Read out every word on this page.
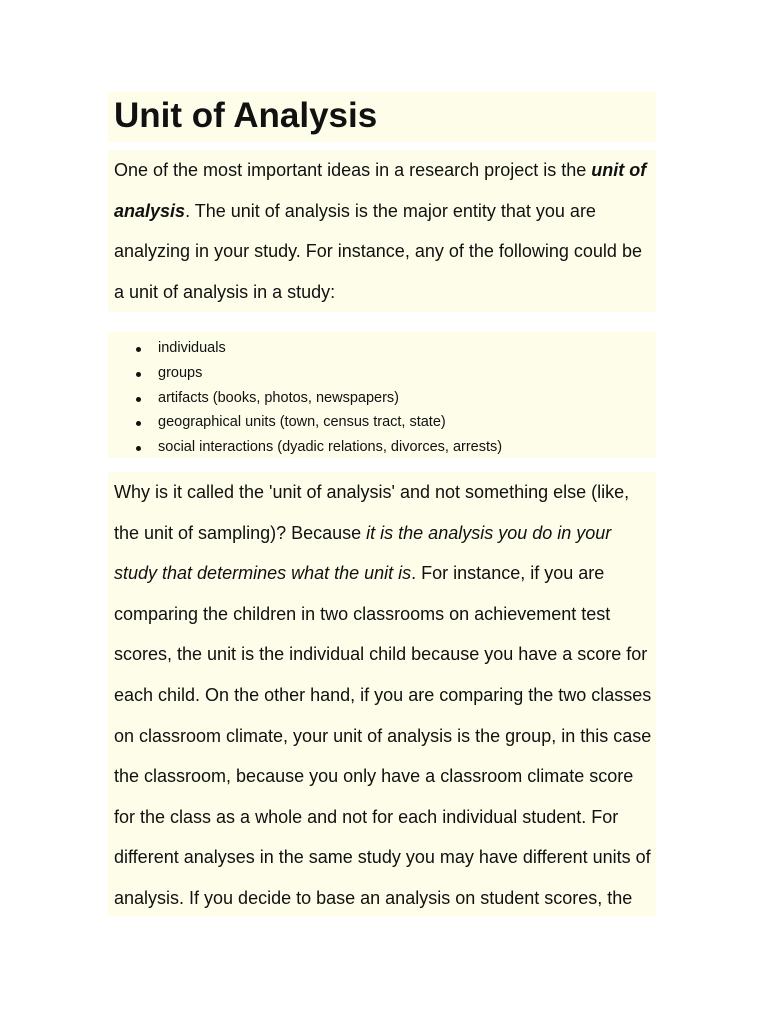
Unit of Analysis

One of the most important ideas in a research project is the unit of analysis. The unit of analysis is the major entity that you are analyzing in your study. For instance, any of the following could be a unit of analysis in a study:

individuals
groups
artifacts (books, photos, newspapers)
geographical units (town, census tract, state)
social interactions (dyadic relations, divorces, arrests)

Why is it called the 'unit of analysis' and not something else (like, the unit of sampling)? Because it is the analysis you do in your study that determines what the unit is. For instance, if you are comparing the children in two classrooms on achievement test scores, the unit is the individual child because you have a score for each child. On the other hand, if you are comparing the two classes on classroom climate, your unit of analysis is the group, in this case the classroom, because you only have a classroom climate score for the class as a whole and not for each individual student. For different analyses in the same study you may have different units of analysis. If you decide to base an analysis on student scores, the
